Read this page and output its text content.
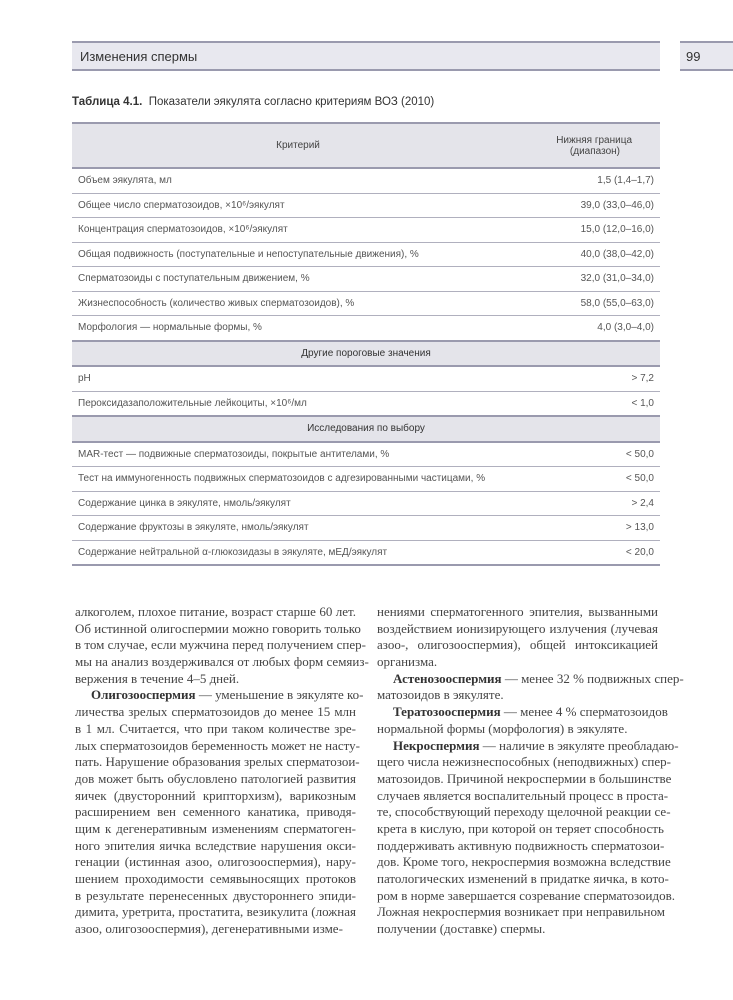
Изменения спермы	99
Таблица 4.1. Показатели эякулята согласно критериям ВОЗ (2010)
Критерий	Нижняя граница
(диапазон)

Объем эякулята, мл	1,5 (1,4–1,7)
Общее число сперматозоидов, ×10⁶/эякулят	39,0 (33,0–46,0)
Концентрация сперматозоидов, ×10⁶/эякулят	15,0 (12,0–16,0)
Общая подвижность (поступательные и непоступательные движения), %	40,0 (38,0–42,0)
Сперматозоиды с поступательным движением, %	32,0 (31,0–34,0)
Жизнеспособность (количество живых сперматозоидов), %	58,0 (55,0–63,0)
Морфология — нормальные формы, %	4,0 (3,0–4,0)
Другие пороговые значения	
pH	> 7,2
Пероксидазаположительные лейкоциты, ×10⁶/мл	< 1,0
Исследования по выбору	
MAR-тест — подвижные сперматозоиды, покрытые антителами, %	< 50,0
Тест на иммуногенность подвижных сперматозоидов с адгезированными частицами, %	< 50,0
Содержание цинка в эякуляте, нмоль/эякулят	> 2,4
Содержание фруктозы в эякуляте, нмоль/эякулят	> 13,0
Содержание нейтральной α-глюкозидазы в эякуляте, мЕД/эякулят	< 20,0
алкоголем, плохое питание, возраст старше 60 лет.
Об истинной олигоспермии можно говорить только
в том случае, если мужчина перед получением спер-
мы на анализ воздерживался от любых форм семяиз-
вержения в течение 4–5 дней.
Олигозооспермия — уменьшение в эякуляте ко-
личества зрелых сперматозоидов до менее 15 млн
в 1 мл. Считается, что при таком количестве зре-
лых сперматозоидов беременность может не насту-
пать. Нарушение образования зрелых сперматозои-
дов может быть обусловлено патологией развития
яичек (двусторонний крипторхизм), варикозным
расширением вен семенного канатика, приводя-
щим к дегенеративным изменениям сперматоген-
ного эпителия яичка вследствие нарушения окси-
генации (истинная азоо, олигозооспермия), нару-
шением проходимости семявыносящих протоков
в результате перенесенных двустороннего эпиди-
димита, уретрита, простатита, везикулита (ложная
азоо, олигозооспермия), дегенеративными изме-
нениями сперматогенного эпителия, вызванными
воздействием ионизирующего излучения (лучевая
азоо-, олигозооспермия), общей интоксикацией
организма.
Астенозооспермия — менее 32 % подвижных спер-
матозоидов в эякуляте.
Тератозооспермия — менее 4 % сперматозоидов
нормальной формы (морфология) в эякуляте.
Некроспермия — наличие в эякуляте преобладаю-
щего числа нежизнеспособных (неподвижных) спер-
матозоидов. Причиной некроспермии в большинстве
случаев является воспалительный процесс в проста-
те, способствующий переходу щелочной реакции се-
крета в кислую, при которой он теряет способность
поддерживать активную подвижность сперматозои-
дов. Кроме того, некроспермия возможна вследствие
патологических изменений в придатке яичка, в кото-
ром в норме завершается созревание сперматозоидов.
Ложная некроспермия возникает при неправильном
получении (доставке) спермы.
